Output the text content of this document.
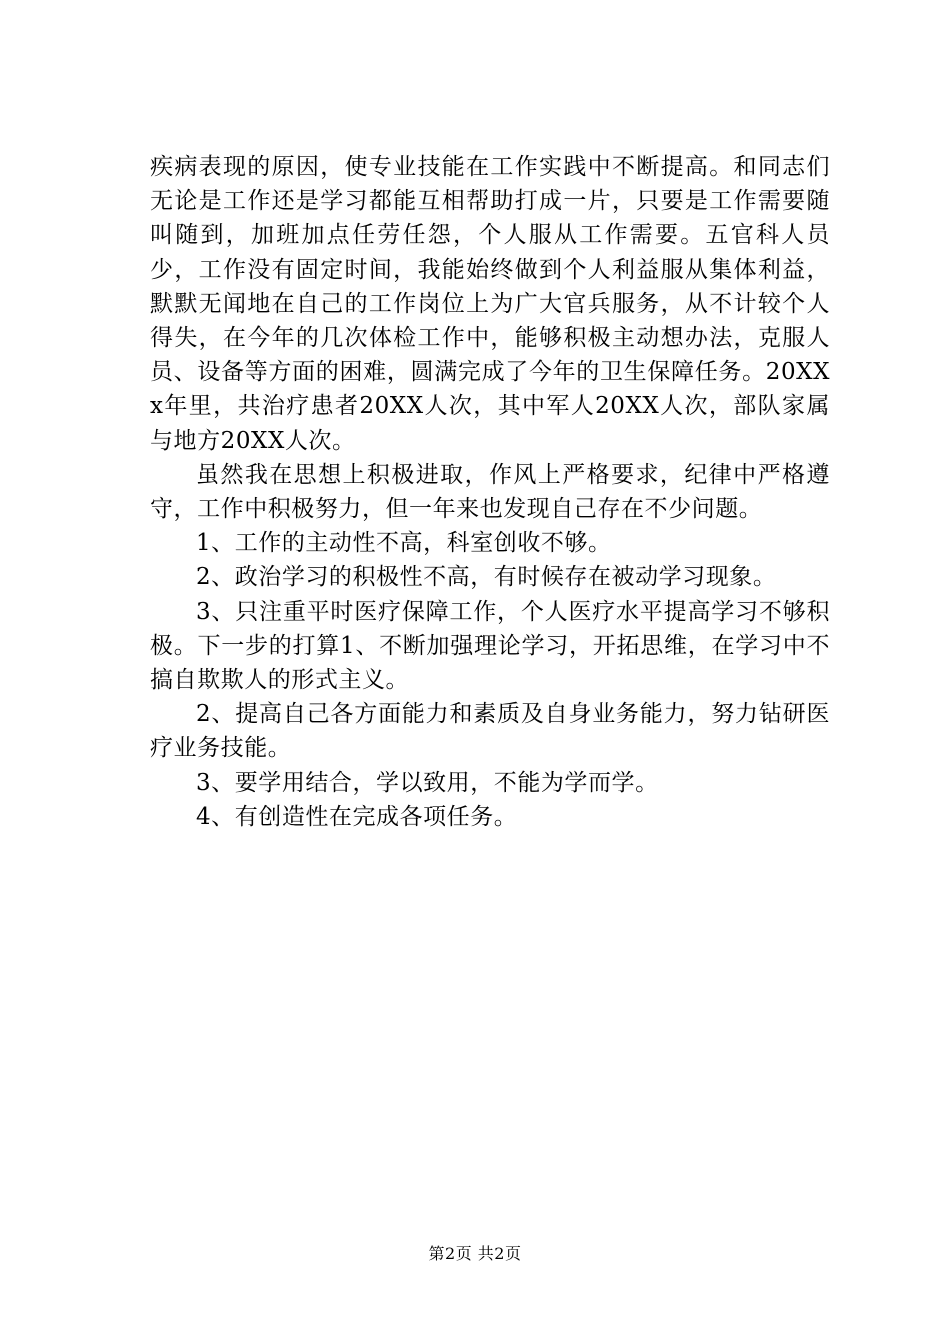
疾病表现的原因，使专业技能在工作实践中不断提高。和同志们无论是工作还是学习都能互相帮助打成一片，只要是工作需要随叫随到，加班加点任劳任怨，个人服从工作需要。五官科人员少，工作没有固定时间，我能始终做到个人利益服从集体利益，默默无闻地在自己的工作岗位上为广大官兵服务，从不计较个人得失，在今年的几次体检工作中，能够积极主动想办法，克服人员、设备等方面的困难，圆满完成了今年的卫生保障任务。20XXx年里，共治疗患者20XX人次，其中军人20XX人次，部队家属与地方20XX人次。

虽然我在思想上积极进取，作风上严格要求，纪律中严格遵守，工作中积极努力，但一年来也发现自己存在不少问题。

1、工作的主动性不高，科室创收不够。

2、政治学习的积极性不高，有时候存在被动学习现象。

3、只注重平时医疗保障工作，个人医疗水平提高学习不够积极。下一步的打算1、不断加强理论学习，开拓思维，在学习中不搞自欺欺人的形式主义。

2、提高自己各方面能力和素质及自身业务能力，努力钻研医疗业务技能。

3、要学用结合，学以致用，不能为学而学。

4、有创造性在完成各项任务。

第2页 共2页
